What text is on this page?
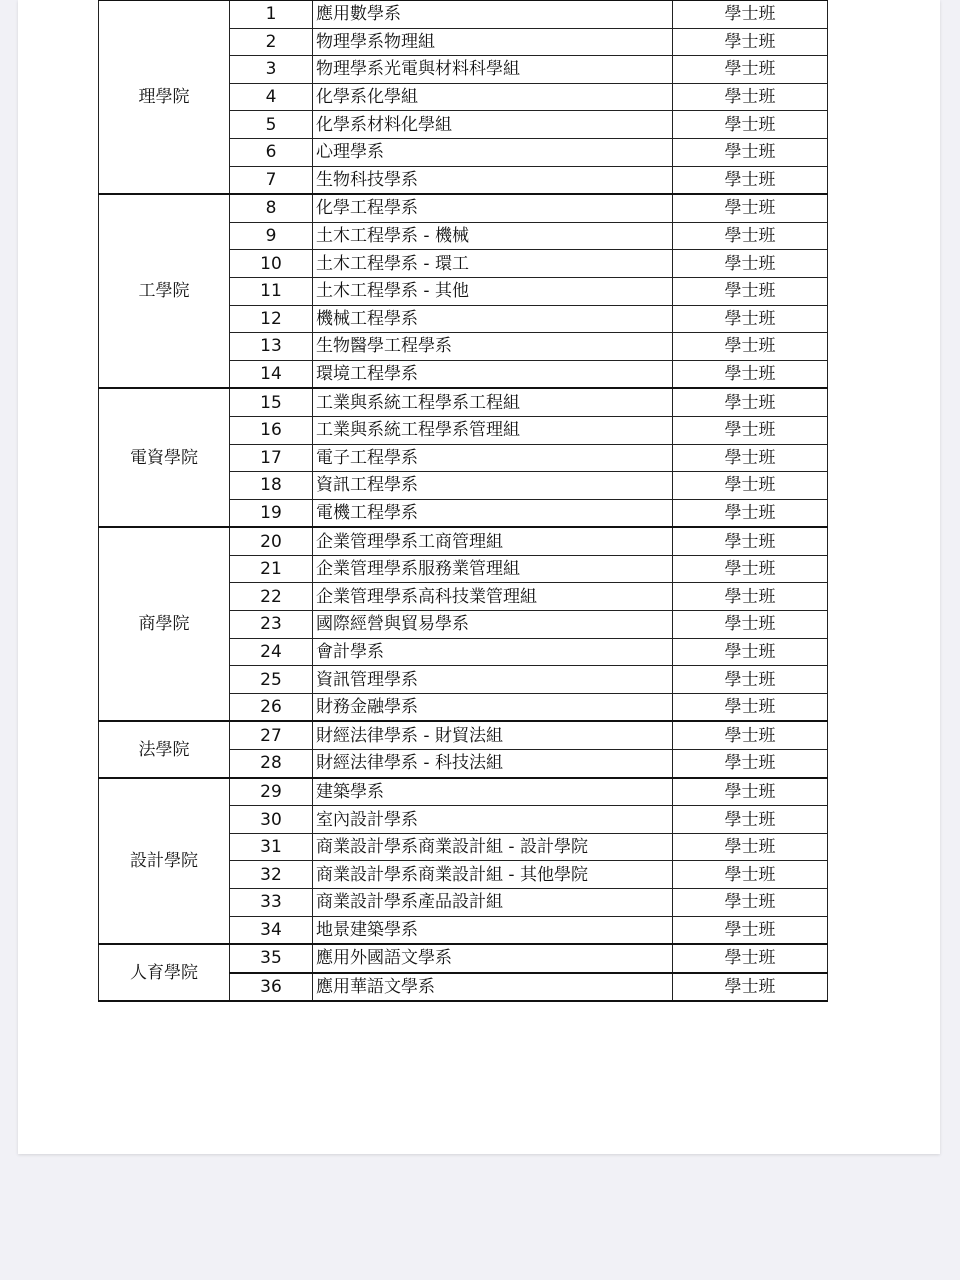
理學院	1	應用數學系	學士班
	2	物理學系物理組	學士班
	3	物理學系光電與材料科學組	學士班
	4	化學系化學組	學士班
	5	化學系材料化學組	學士班
	6	心理學系	學士班
	7	生物科技學系	學士班
工學院	8	化學工程學系	學士班
	9	土木工程學系 - 機械	學士班
	10	土木工程學系 - 環工	學士班
	11	土木工程學系 - 其他	學士班
	12	機械工程學系	學士班
	13	生物醫學工程學系	學士班
	14	環境工程學系	學士班
電資學院	15	工業與系統工程學系工程組	學士班
	16	工業與系統工程學系管理組	學士班
	17	電子工程學系	學士班
	18	資訊工程學系	學士班
	19	電機工程學系	學士班
商學院	20	企業管理學系工商管理組	學士班
	21	企業管理學系服務業管理組	學士班
	22	企業管理學系高科技業管理組	學士班
	23	國際經營與貿易學系	學士班
	24	會計學系	學士班
	25	資訊管理學系	學士班
	26	財務金融學系	學士班
法學院	27	財經法律學系 - 財貿法組	學士班
	28	財經法律學系 - 科技法組	學士班
設計學院	29	建築學系	學士班
	30	室內設計學系	學士班
	31	商業設計學系商業設計組 - 設計學院	學士班
	32	商業設計學系商業設計組 - 其他學院	學士班
	33	商業設計學系產品設計組	學士班
	34	地景建築學系	學士班
人育學院	35	應用外國語文學系	學士班
	36	應用華語文學系	學士班
